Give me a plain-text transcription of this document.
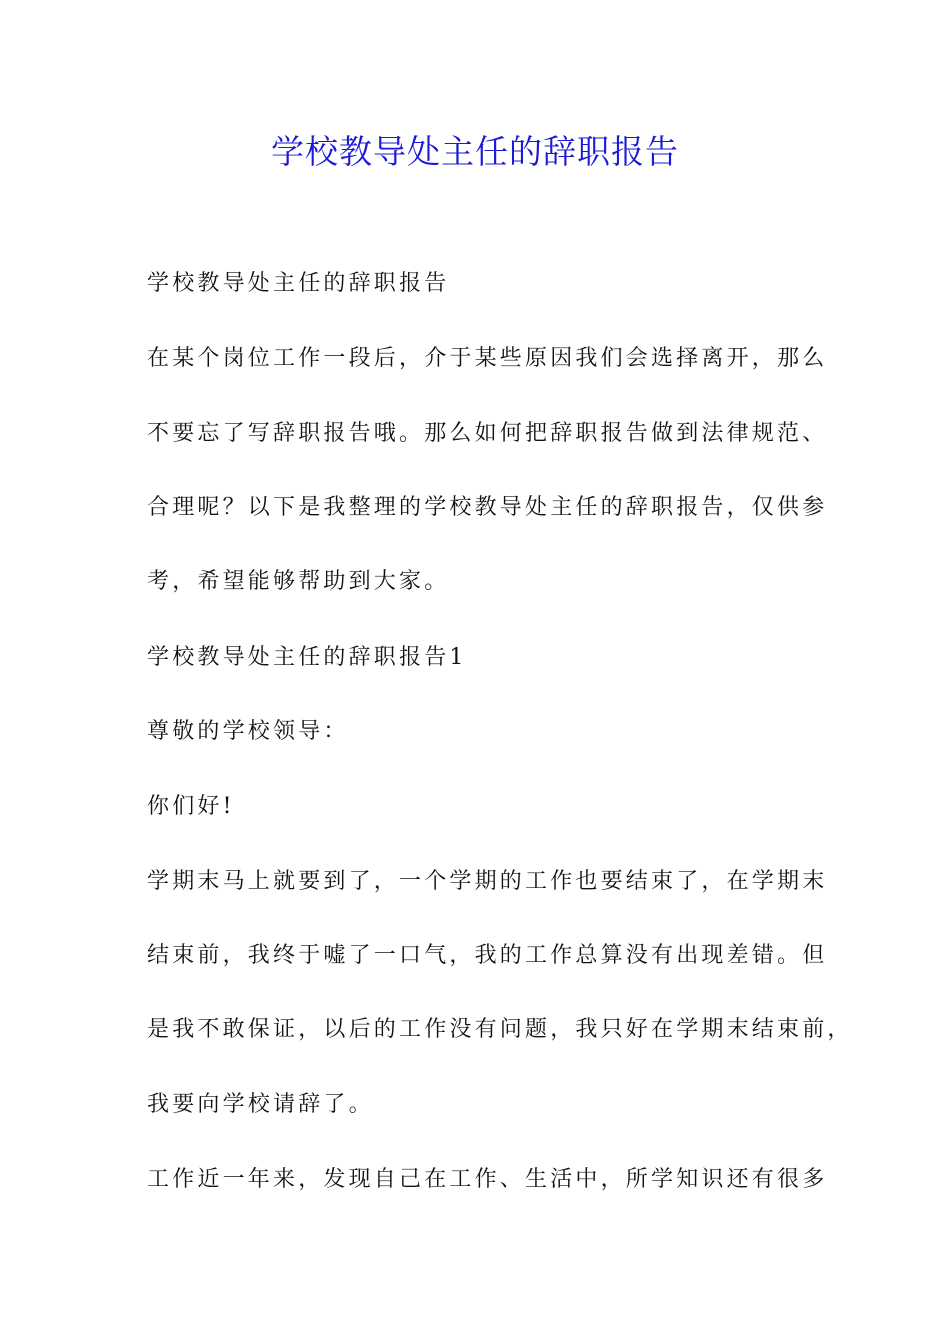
学校教导处主任的辞职报告

学校教导处主任的辞职报告

在某个岗位工作一段后，介于某些原因我们会选择离开，那么

不要忘了写辞职报告哦。那么如何把辞职报告做到法律规范、

合理呢？以下是我整理的学校教导处主任的辞职报告，仅供参

考，希望能够帮助到大家。

学校教导处主任的辞职报告1

尊敬的学校领导：

你们好!

学期末马上就要到了，一个学期的工作也要结束了，在学期末

结束前，我终于嘘了一口气，我的工作总算没有出现差错。但

是我不敢保证，以后的工作没有问题，我只好在学期末结束前，

我要向学校请辞了。

工作近一年来，发现自己在工作、生活中，所学知识还有很多
